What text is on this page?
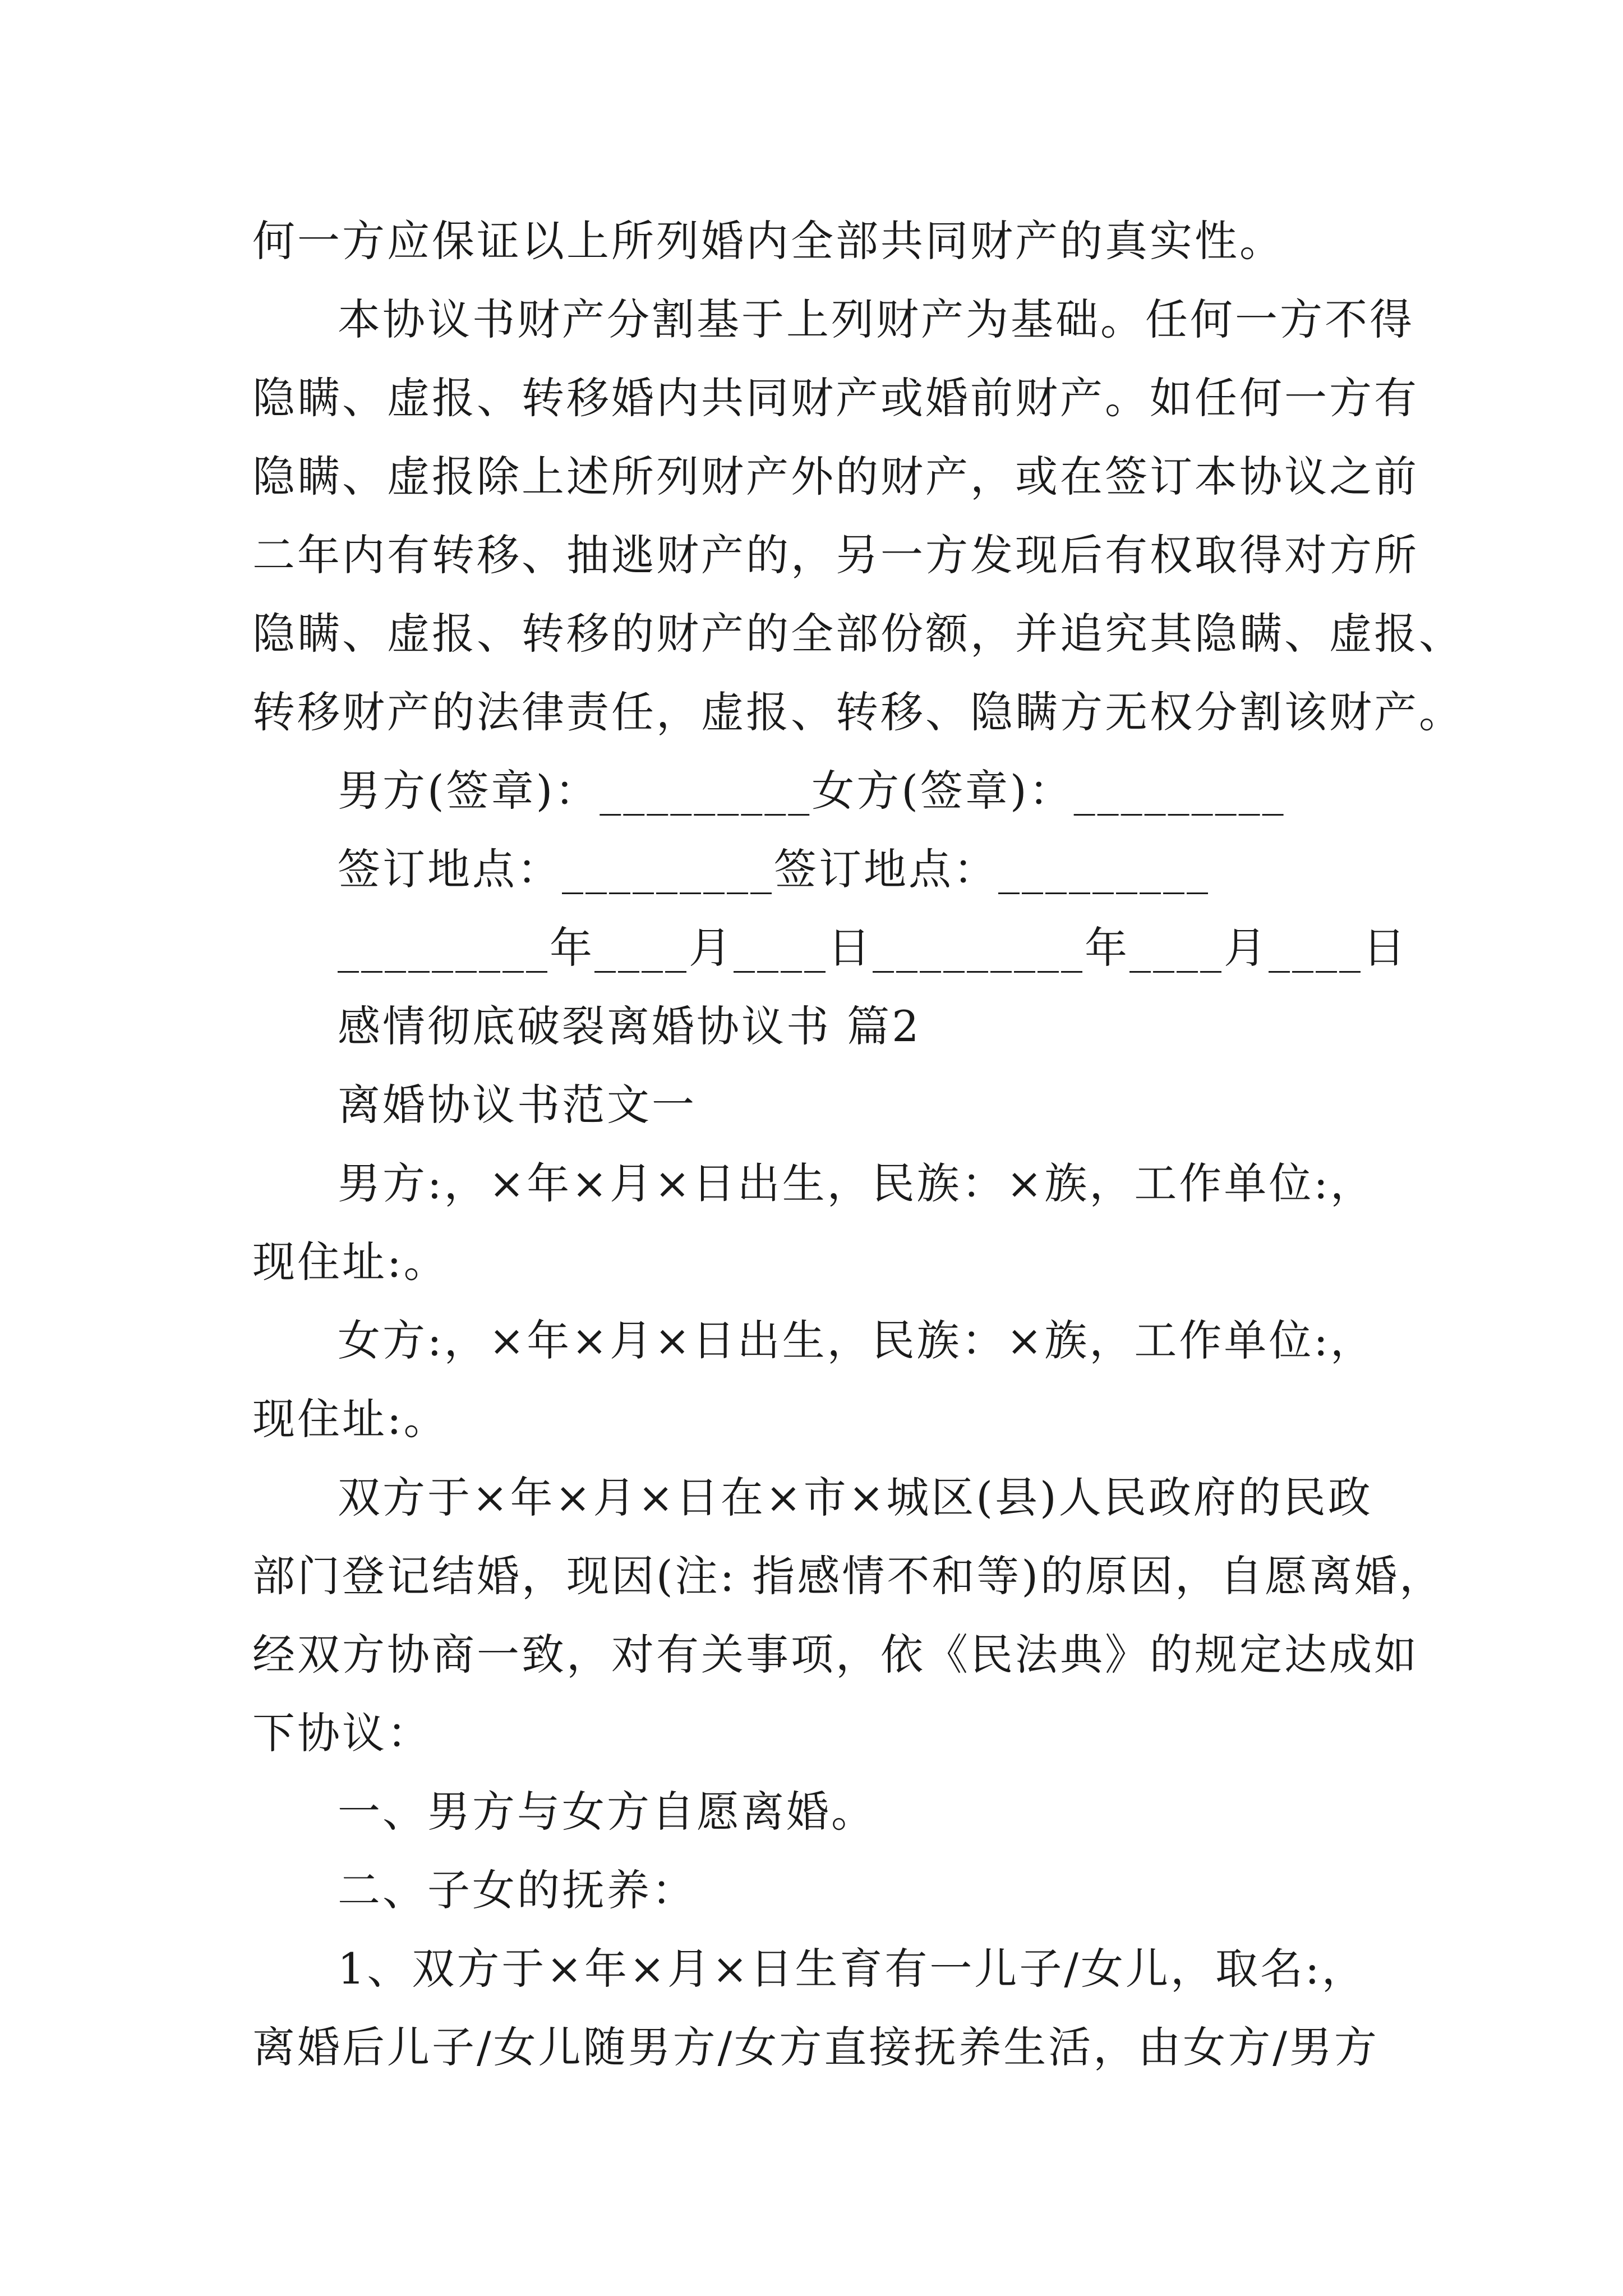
何一方应保证以上所列婚内全部共同财产的真实性。
本协议书财产分割基于上列财产为基础。任何一方不得
隐瞒、虚报、转移婚内共同财产或婚前财产。如任何一方有
隐瞒、虚报除上述所列财产外的财产，或在签订本协议之前
二年内有转移、抽逃财产的，另一方发现后有权取得对方所
隐瞒、虚报、转移的财产的全部份额，并追究其隐瞒、虚报、
转移财产的法律责任，虚报、转移、隐瞒方无权分割该财产。
男方(签章)：_________女方(签章)：_________
签订地点：_________签订地点：_________
_________年____月____日_________年____月____日
感情彻底破裂离婚协议书 篇2
离婚协议书范文一
男方:，×年×月×日出生，民族：×族，工作单位:，
现住址:。
女方:，×年×月×日出生，民族：×族，工作单位:，
现住址:。
双方于×年×月×日在×市×城区(县)人民政府的民政
部门登记结婚，现因(注: 指感情不和等)的原因，自愿离婚，
经双方协商一致，对有关事项，依《民法典》的规定达成如
下协议：
一、男方与女方自愿离婚。
二、子女的抚养：
1、双方于×年×月×日生育有一儿子/女儿，取名:，
离婚后儿子/女儿随男方/女方直接抚养生活，由女方/男方
